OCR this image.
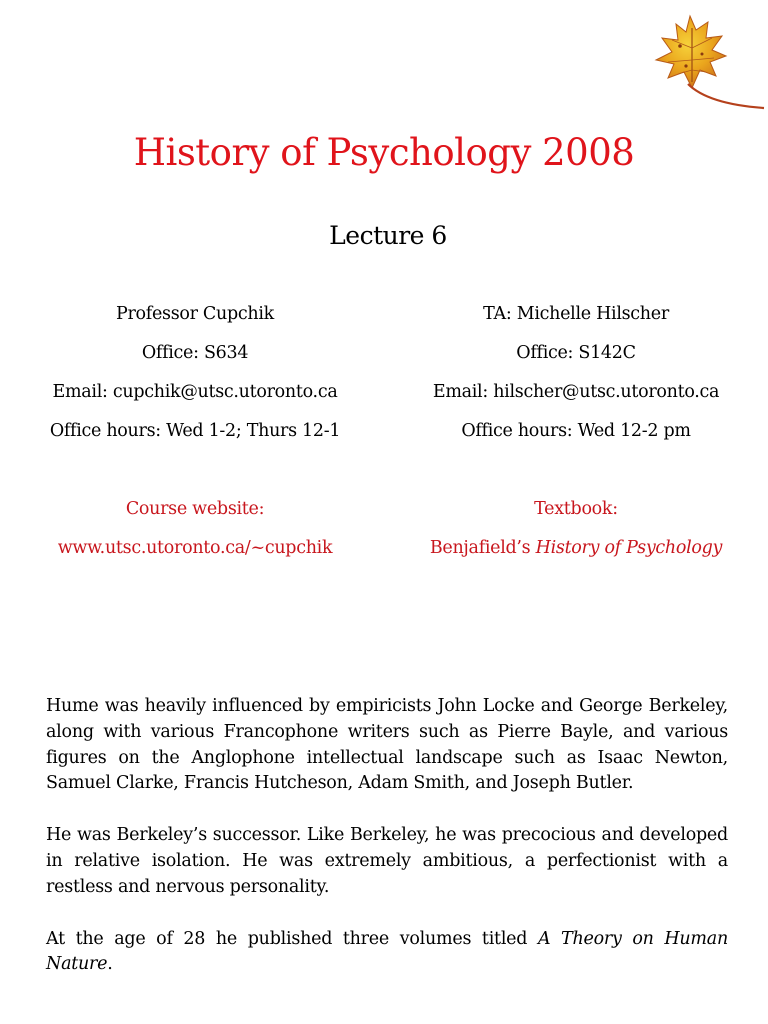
History of Psychology 2008
Lecture 6
Professor Cupchik
Office: S634
Email: cupchik@utsc.utoronto.ca
Office hours: Wed 1-2; Thurs 12-1
Course website:
www.utsc.utoronto.ca/~cupchik
TA: Michelle Hilscher
Office: S142C
Email: hilscher@utsc.utoronto.ca
Office hours: Wed 12-2 pm
Textbook:
Benjafield’s History of Psychology

Hume was heavily influenced by empiricists John Locke and George Berkeley, along with various Francophone writers such as Pierre Bayle, and various figures on the Anglophone intellectual landscape such as Isaac Newton, Samuel Clarke, Francis Hutcheson, Adam Smith, and Joseph Butler.

He was Berkeley’s successor. Like Berkeley, he was precocious and developed in relative isolation. He was extremely ambitious, a perfectionist with a restless and nervous personality.

At the age of 28 he published three volumes titled A Theory on Human Nature.
